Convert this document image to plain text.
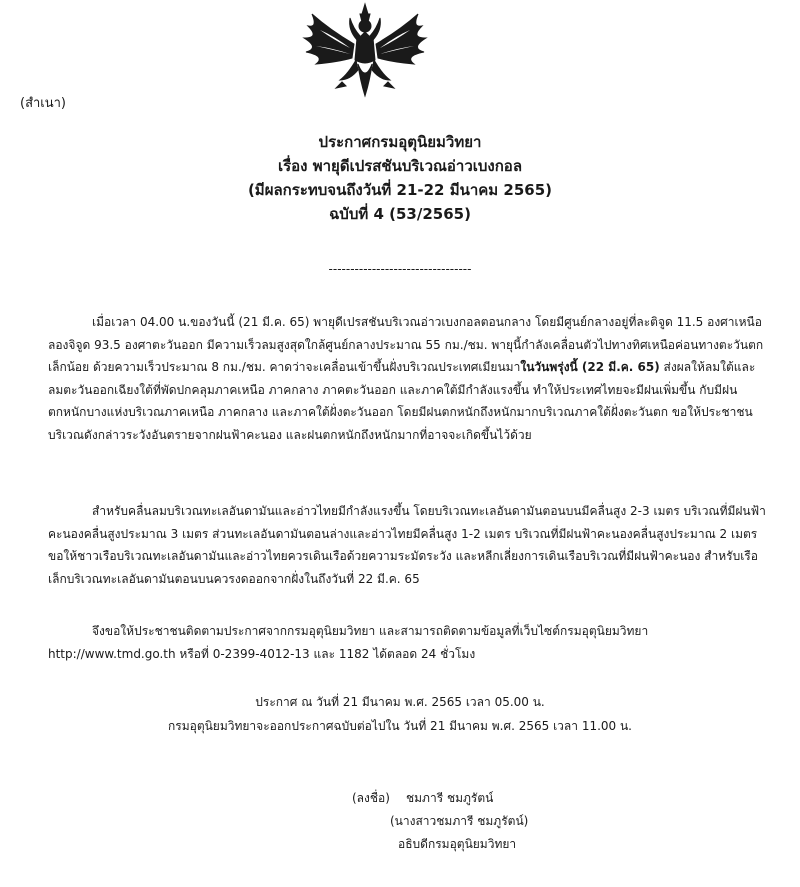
(สำเนา)
ประกาศกรมอุตุนิยมวิทยา
เรื่อง พายุดีเปรสชันบริเวณอ่าวเบงกอล
(มีผลกระทบจนถึงวันที่ 21-22 มีนาคม 2565)
ฉบับที่ 4 (53/2565)
---------------------------------

เมื่อเวลา 04.00 น.ของวันนี้ (21 มี.ค. 65) พายุดีเปรสชันบริเวณอ่าวเบงกอลตอนกลาง โดยมีศูนย์กลางอยู่ที่ละติจูด 11.5 องศาเหนือ ลองจิจูด 93.5 องศาตะวันออก มีความเร็วลมสูงสุดใกล้ศูนย์กลางประมาณ 55 กม./ชม. พายุนี้กำลังเคลื่อนตัวไปทางทิศเหนือค่อนทางตะวันตกเล็กน้อย ด้วยความเร็วประมาณ 8 กม./ชม. คาดว่าจะเคลื่อนเข้าขึ้นฝั่งบริเวณประเทศเมียนมาในวันพรุ่งนี้ (22 มี.ค. 65) ส่งผลให้ลมใต้และลมตะวันออกเฉียงใต้ที่พัดปกคลุมภาคเหนือ ภาคกลาง ภาคตะวันออก และภาคใต้มีกำลังแรงขึ้น ทำให้ประเทศไทยจะมีฝนเพิ่มขึ้น กับมีฝนตกหนักบางแห่งบริเวณภาคเหนือ ภาคกลาง และภาคใต้ฝั่งตะวันออก โดยมีฝนตกหนักถึงหนักมากบริเวณภาคใต้ฝั่งตะวันตก ขอให้ประชาชนบริเวณดังกล่าวระวังอันตรายจากฝนฟ้าคะนอง และฝนตกหนักถึงหนักมากที่อาจจะเกิดขึ้นไว้ด้วย

สำหรับคลื่นลมบริเวณทะเลอันดามันและอ่าวไทยมีกำลังแรงขึ้น โดยบริเวณทะเลอันดามันตอนบนมีคลื่นสูง 2-3 เมตร บริเวณที่มีฝนฟ้าคะนองคลื่นสูงประมาณ 3 เมตร ส่วนทะเลอันดามันตอนล่างและอ่าวไทยมีคลื่นสูง 1-2 เมตร บริเวณที่มีฝนฟ้าคะนองคลื่นสูงประมาณ 2 เมตร ขอให้ชาวเรือบริเวณทะเลอันดามันและอ่าวไทยควรเดินเรือด้วยความระมัดระวัง และหลีกเลี่ยงการเดินเรือบริเวณที่มีฝนฟ้าคะนอง สำหรับเรือเล็กบริเวณทะเลอันดามันตอนบนควรงดออกจากฝั่งในถึงวันที่ 22 มี.ค. 65

จึงขอให้ประชาชนติดตามประกาศจากกรมอุตุนิยมวิทยา และสามารถติดตามข้อมูลที่เว็บไซต์กรมอุตุนิยมวิทยา http://www.tmd.go.th หรือที่ 0-2399-4012-13 และ 1182 ได้ตลอด 24 ชั่วโมง

ประกาศ ณ วันที่ 21 มีนาคม พ.ศ. 2565 เวลา 05.00 น.
กรมอุตุนิยมวิทยาจะออกประกาศฉบับต่อไปใน วันที่ 21 มีนาคม พ.ศ. 2565 เวลา 11.00 น.
(ลงชื่อ) ชมภารี ชมภูรัตน์
(นางสาวชมภารี ชมภูรัตน์)
อธิบดีกรมอุตุนิยมวิทยา
